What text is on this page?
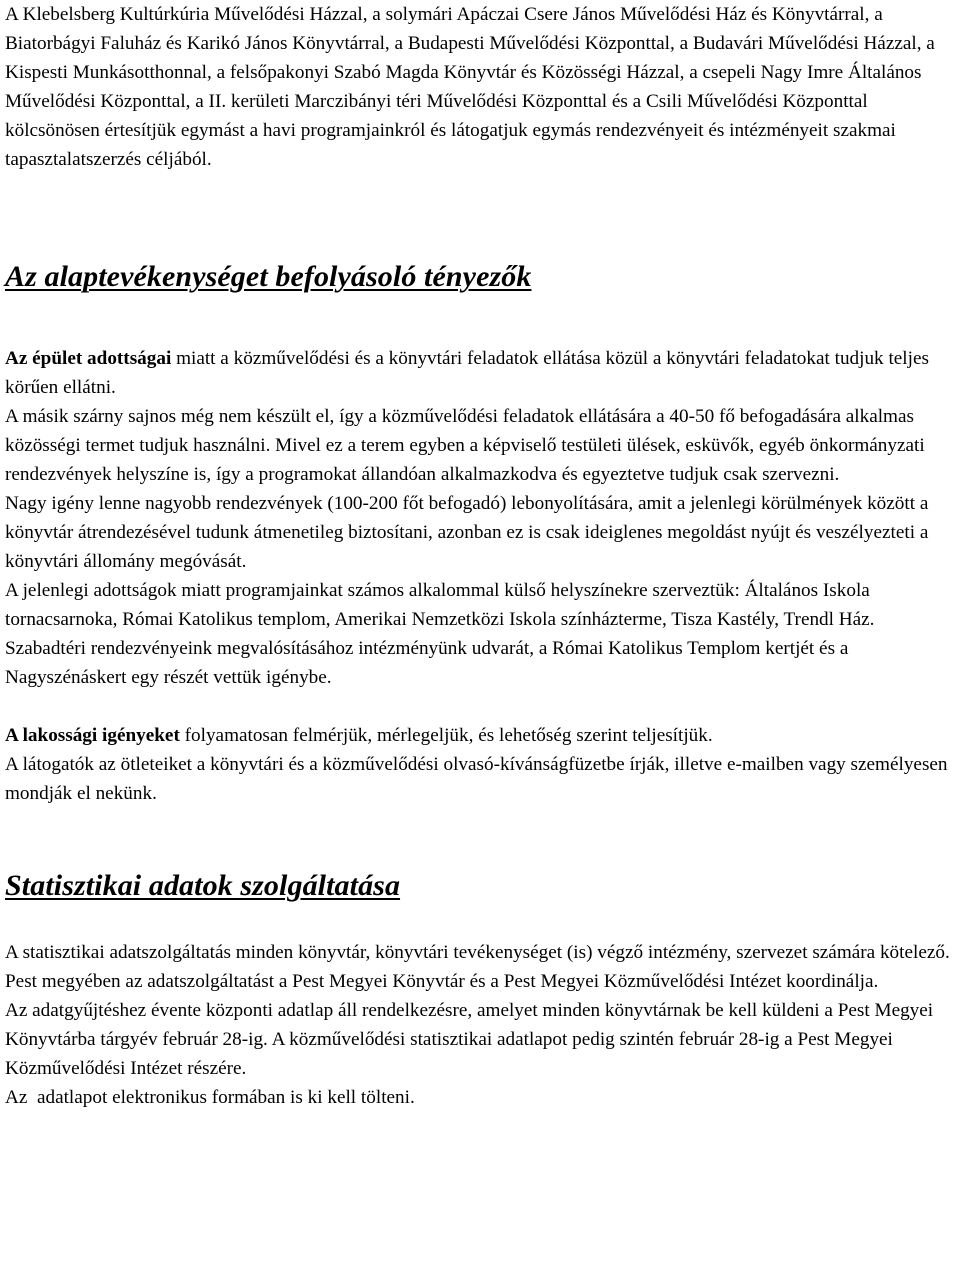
A Klebelsberg Kultúrkúria Művelődési Házzal, a solymári Apáczai Csere János Művelődési Ház és Könyvtárral, a Biatorbágyi Faluház és Karikó János Könyvtárral, a Budapesti Művelődési Központtal, a Budavári Művelődési Házzal, a Kispesti Munkásotthonnal, a felsőpakonyi Szabó Magda Könyvtár és Közösségi Házzal, a csepeli Nagy Imre Általános Művelődési Központtal, a II. kerületi Marczibányi téri Művelődési Központtal és a Csili Művelődési Központtal kölcsönösen értesítjük egymást a havi programjainkról és látogatjuk egymás rendezvényeit és intézményeit szakmai tapasztalatszerzés céljából.

Az alaptevékenységet befolyásoló tényezők

Az épület adottságai miatt a közművelődési és a könyvtári feladatok ellátása közül a könyvtári feladatokat tudjuk teljes körűen ellátni.

A másik szárny sajnos még nem készült el, így a közművelődési feladatok ellátására a 40-50 fő befogadására alkalmas közösségi termet tudjuk használni. Mivel ez a terem egyben a képviselő testületi ülések, esküvők, egyéb önkormányzati rendezvények helyszíne is, így a programokat állandóan alkalmazkodva és egyeztetve tudjuk csak szervezni.

Nagy igény lenne nagyobb rendezvények (100-200 főt befogadó) lebonyolítására, amit a jelenlegi körülmények között a könyvtár átrendezésével tudunk átmenetileg biztosítani, azonban ez is csak ideiglenes megoldást nyújt és veszélyezteti a könyvtári állomány megóvását.

A jelenlegi adottságok miatt programjainkat számos alkalommal külső helyszínekre szerveztük: Általános Iskola tornacsarnoka, Római Katolikus templom, Amerikai Nemzetközi Iskola színházterme, Tisza Kastély, Trendl Ház.

Szabadtéri rendezvényeink megvalósításához intézményünk udvarát, a Római Katolikus Templom kertjét és a Nagyszénáskert egy részét vettük igénybe.

A lakossági igényeket folyamatosan felmérjük, mérlegeljük, és lehetőség szerint teljesítjük.

A látogatók az ötleteiket a könyvtári és a közművelődési olvasó-kívánságfüzetbe írják, illetve e-mailben vagy személyesen mondják el nekünk.

Statisztikai adatok szolgáltatása

A statisztikai adatszolgáltatás minden könyvtár, könyvtári tevékenységet (is) végző intézmény, szervezet számára kötelező. Pest megyében az adatszolgáltatást a Pest Megyei Könyvtár és a Pest Megyei Közművelődési Intézet koordinálja.

Az adatgyűjtéshez évente központi adatlap áll rendelkezésre, amelyet minden könyvtárnak be kell küldeni a Pest Megyei Könyvtárba tárgyév február 28-ig. A közművelődési statisztikai adatlapot pedig szintén február 28-ig a Pest Megyei Közművelődési Intézet részére.

Az  adatlapot elektronikus formában is ki kell tölteni.
